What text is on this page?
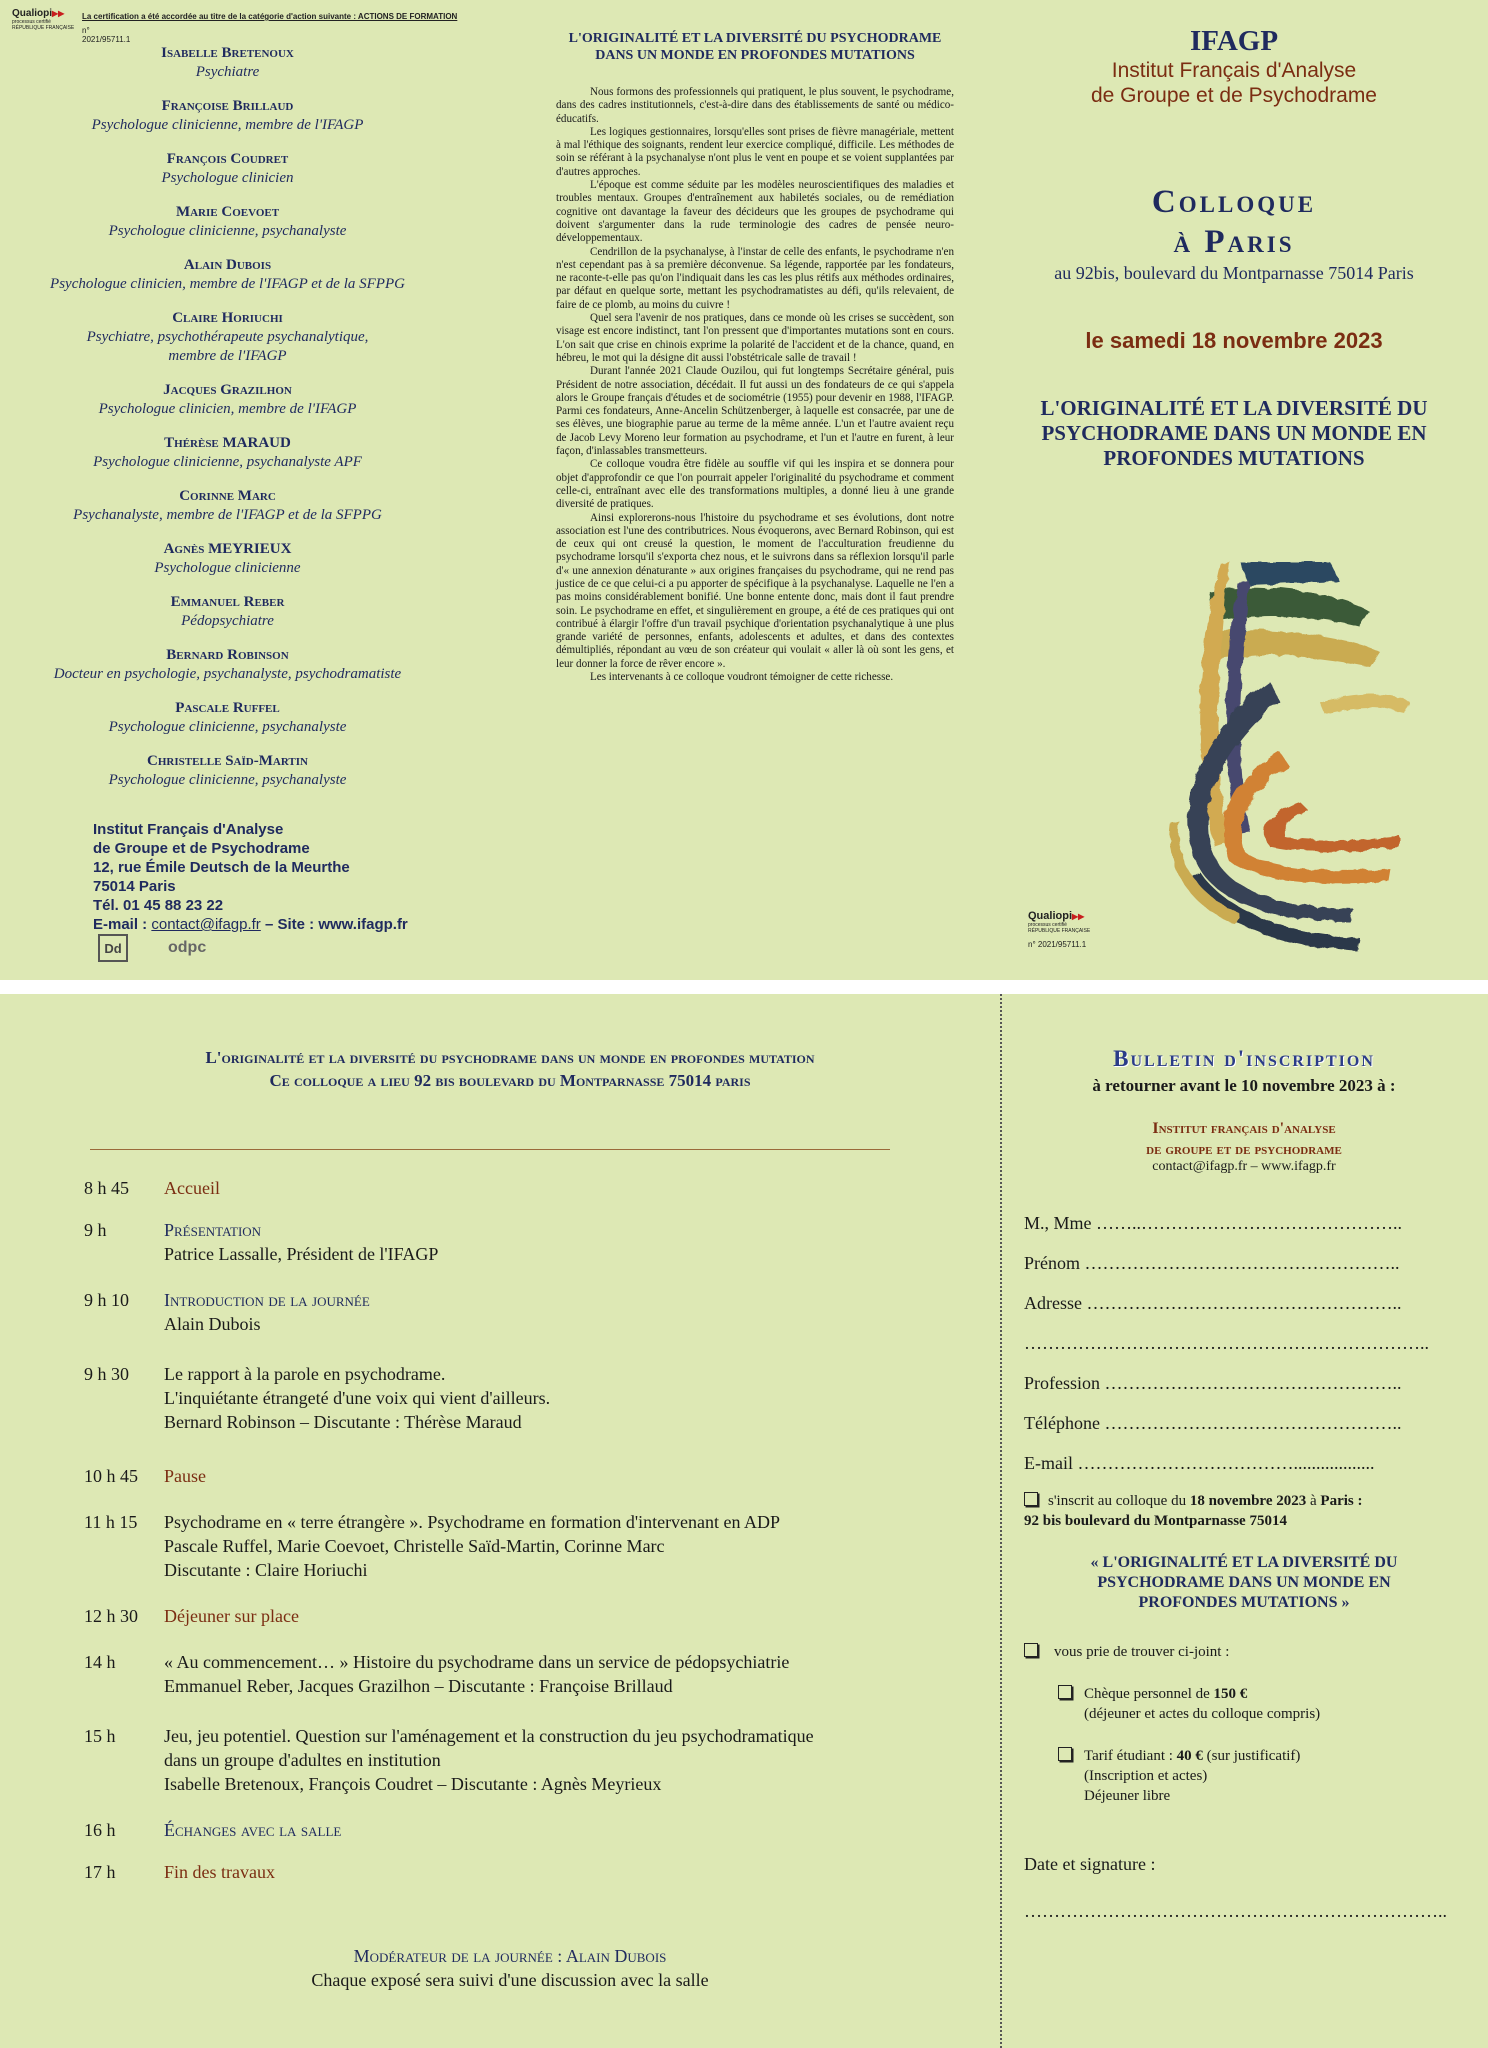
Qualiopi▶▶
processus certifié
RÉPUBLIQUE FRANÇAISE
La certification a été accordée au titre de la catégorie d'action suivante : ACTIONS DE FORMATION
n° 2021/95711.1
Isabelle Bretenoux
Psychiatre
Françoise Brillaud
Psychologue clinicienne, membre de l'IFAGP
François Coudret
Psychologue clinicien
Marie Coevoet
Psychologue clinicienne, psychanalyste
Alain Dubois
Psychologue clinicien, membre de l'IFAGP et de la SFPPG
Claire Horiuchi
Psychiatre, psychothérapeute psychanalytique, membre de l'IFAGP
Jacques Grazilhon
Psychologue clinicien, membre de l'IFAGP
Thérèse MARAUD
Psychologue clinicienne, psychanalyste APF
Corinne Marc
Psychanalyste, membre de l'IFAGP et de la SFPPG
Agnès MEYRIEUX
Psychologue clinicienne
Emmanuel Reber
Pédopsychiatre
Bernard Robinson
Docteur en psychologie, psychanalyste, psychodramatiste
Pascale Ruffel
Psychologue clinicienne, psychanalyste
Christelle Saïd-Martin
Psychologue clinicienne, psychanalyste
Institut Français d'Analyse
de Groupe et de Psychodrame
12, rue Émile Deutsch de la Meurthe
75014 Paris
Tél. 01 45 88 23 22
E-mail : contact@ifagp.fr – Site : www.ifagp.fr
Dd	odpc
L'ORIGINALITÉ ET LA DIVERSITÉ DU PSYCHODRAME DANS UN MONDE EN PROFONDES MUTATIONS

Nous formons des professionnels qui pratiquent, le plus souvent, le psychodrame, dans des cadres institutionnels, c'est-à-dire dans des établissements de santé ou médico-éducatifs.

Les logiques gestionnaires, lorsqu'elles sont prises de fièvre managériale, mettent à mal l'éthique des soignants, rendent leur exercice compliqué, difficile. Les méthodes de soin se référant à la psychanalyse n'ont plus le vent en poupe et se voient supplantées par d'autres approches.

L'époque est comme séduite par les modèles neuroscientifiques des maladies et troubles mentaux. Groupes d'entraînement aux habiletés sociales, ou de remédiation cognitive ont davantage la faveur des décideurs que les groupes de psychodrame qui doivent s'argumenter dans la rude terminologie des cadres de pensée neuro-développementaux.

Cendrillon de la psychanalyse, à l'instar de celle des enfants, le psychodrame n'en n'est cependant pas à sa première déconvenue. Sa légende, rapportée par les fondateurs, ne raconte-t-elle pas qu'on l'indiquait dans les cas les plus rétifs aux méthodes ordinaires, par défaut en quelque sorte, mettant les psychodramatistes au défi, qu'ils relevaient, de faire de ce plomb, au moins du cuivre !

Quel sera l'avenir de nos pratiques, dans ce monde où les crises se succèdent, son visage est encore indistinct, tant l'on pressent que d'importantes mutations sont en cours. L'on sait que crise en chinois exprime la polarité de l'accident et de la chance, quand, en hébreu, le mot qui la désigne dit aussi l'obstétricale salle de travail !

Durant l'année 2021 Claude Ouzilou, qui fut longtemps Secrétaire général, puis Président de notre association, décédait. Il fut aussi un des fondateurs de ce qui s'appela alors le Groupe français d'études et de sociométrie (1955) pour devenir en 1988, l'IFAGP. Parmi ces fondateurs, Anne-Ancelin Schützenberger, à laquelle est consacrée, par une de ses élèves, une biographie parue au terme de la même année. L'un et l'autre avaient reçu de Jacob Levy Moreno leur formation au psychodrame, et l'un et l'autre en furent, à leur façon, d'inlassables transmetteurs.

Ce colloque voudra être fidèle au souffle vif qui les inspira et se donnera pour objet d'approfondir ce que l'on pourrait appeler l'originalité du psychodrame et comment celle-ci, entraînant avec elle des transformations multiples, a donné lieu à une grande diversité de pratiques.

Ainsi explorerons-nous l'histoire du psychodrame et ses évolutions, dont notre association est l'une des contributrices. Nous évoquerons, avec Bernard Robinson, qui est de ceux qui ont creusé la question, le moment de l'acculturation freudienne du psychodrame lorsqu'il s'exporta chez nous, et le suivrons dans sa réflexion lorsqu'il parle d'« une annexion dénaturante » aux origines françaises du psychodrame, qui ne rend pas justice de ce que celui-ci a pu apporter de spécifique à la psychanalyse. Laquelle ne l'en a pas moins considérablement bonifié. Une bonne entente donc, mais dont il faut prendre soin. Le psychodrame en effet, et singulièrement en groupe, a été de ces pratiques qui ont contribué à élargir l'offre d'un travail psychique d'orientation psychanalytique à une plus grande variété de personnes, enfants, adolescents et adultes, et dans des contextes démultipliés, répondant au vœu de son créateur qui voulait « aller là où sont les gens, et leur donner la force de rêver encore ».

Les intervenants à ce colloque voudront témoigner de cette richesse.

IFAGP
Institut Français d'Analyse
de Groupe et de Psychodrame
Colloque
à Paris
au 92bis, boulevard du Montparnasse 75014 Paris
le samedi 18 novembre 2023
L'ORIGINALITÉ ET LA DIVERSITÉ DU PSYCHODRAME DANS UN MONDE EN PROFONDES MUTATIONS
Qualiopi▶▶
processus certifié
RÉPUBLIQUE FRANÇAISE
n° 2021/95711.1
L'originalité et la diversité du psychodrame dans un monde en profondes mutation
Ce colloque a lieu 92 bis boulevard du Montparnasse 75014 paris
8 h 45	Accueil
9 h	Présentation
Patrice Lassalle, Président de l'IFAGP
9 h 10	Introduction de la journée
Alain Dubois
9 h 30	Le rapport à la parole en psychodrame.
L'inquiétante étrangeté d'une voix qui vient d'ailleurs.
Bernard Robinson – Discutante : Thérèse Maraud
10 h 45	Pause
11 h 15	Psychodrame en « terre étrangère ». Psychodrame en formation d'intervenant en ADP
Pascale Ruffel, Marie Coevoet, Christelle Saïd-Martin, Corinne Marc
Discutante : Claire Horiuchi
12 h 30	Déjeuner sur place
14 h	« Au commencement… » Histoire du psychodrame dans un service de pédopsychiatrie
Emmanuel Reber, Jacques Grazilhon – Discutante : Françoise Brillaud
15 h	Jeu, jeu potentiel. Question sur l'aménagement et la construction du jeu psychodramatique
dans un groupe d'adultes en institution
Isabelle Bretenoux, François Coudret – Discutante : Agnès Meyrieux
16 h	Échanges avec la salle
17 h	Fin des travaux
Modérateur de la journée : Alain Dubois
Chaque exposé sera suivi d'une discussion avec la salle
Bulletin d'inscription
à retourner avant le 10 novembre 2023 à :
Institut français d'analyse
de groupe et de psychodrame
contact@ifagp.fr – www.ifagp.fr
M., Mme ……..……………………………………..
Prénom ……………………………………………..
Adresse ……………………………………………..
…………………………………………………………..
Profession …………………………………………..
Téléphone …………………………………………..
E-mail ………………………………..................
s'inscrit au colloque du 18 novembre 2023 à Paris :
92 bis boulevard du Montparnasse 75014
« L'ORIGINALITÉ ET LA DIVERSITÉ DU PSYCHODRAME DANS UN MONDE EN PROFONDES MUTATIONS »
vous prie de trouver ci-joint :
Chèque personnel de 150 €
(déjeuner et actes du colloque compris)
Tarif étudiant : 40 € (sur justificatif)
(Inscription et actes)
Déjeuner libre
Date et signature :
……………………………………………………………..
